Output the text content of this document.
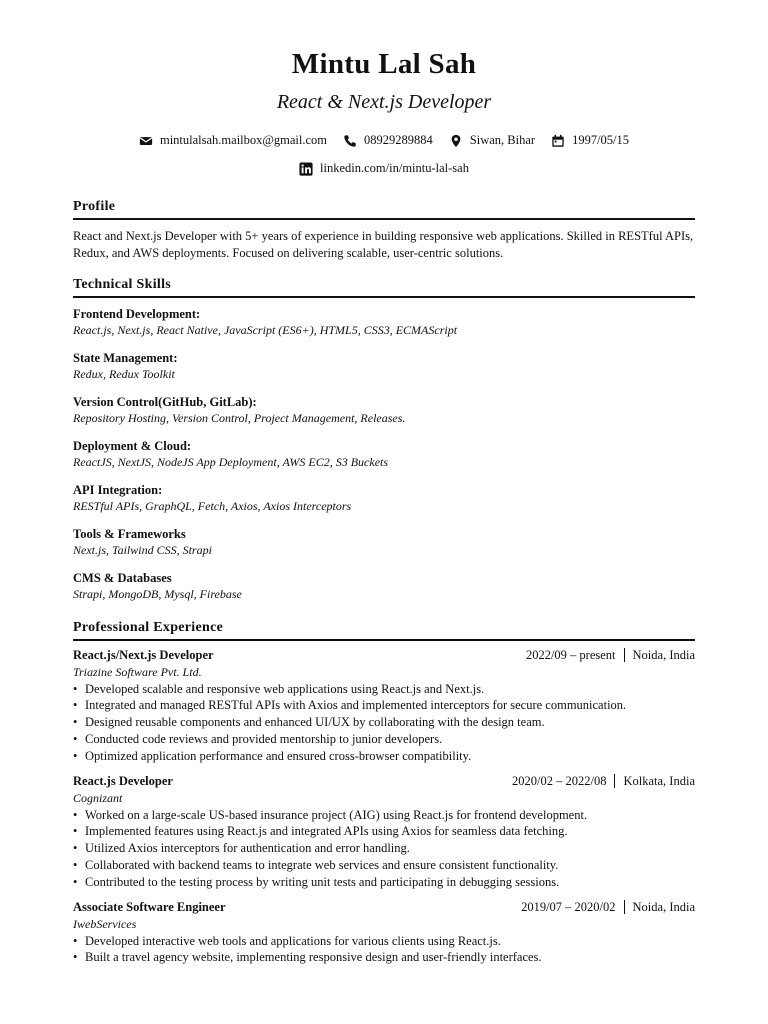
Mintu Lal Sah
React & Next.js Developer
mintulalsah.mailbox@gmail.com	08929289884	Siwan, Bihar	1997/05/15
linkedin.com/in/mintu-lal-sah
Profile
React and Next.js Developer with 5+ years of experience in building responsive web applications. Skilled in RESTful APIs, Redux, and AWS deployments. Focused on delivering scalable, user-centric solutions.
Technical Skills
Frontend Development:
React.js, Next.js, React Native, JavaScript (ES6+), HTML5, CSS3, ECMAScript
State Management:
Redux, Redux Toolkit
Version Control(GitHub, GitLab):
Repository Hosting, Version Control, Project Management, Releases.
Deployment & Cloud:
ReactJS, NextJS, NodeJS App Deployment, AWS EC2, S3 Buckets
API Integration:
RESTful APIs, GraphQL, Fetch, Axios, Axios Interceptors
Tools & Frameworks
Next.js, Tailwind CSS, Strapi
CMS & Databases
Strapi, MongoDB, Mysql, Firebase
Professional Experience
React.js/Next.js Developer	2022/09 – present Noida, India
Triazine Software Pvt. Ltd.
• Developed scalable and responsive web applications using React.js and Next.js.
• Integrated and managed RESTful APIs with Axios and implemented interceptors for secure communication.
• Designed reusable components and enhanced UI/UX by collaborating with the design team.
• Conducted code reviews and provided mentorship to junior developers.
• Optimized application performance and ensured cross-browser compatibility.
React.js Developer	2020/02 – 2022/08 Kolkata, India
Cognizant
• Worked on a large-scale US-based insurance project (AIG) using React.js for frontend development.
• Implemented features using React.js and integrated APIs using Axios for seamless data fetching.
• Utilized Axios interceptors for authentication and error handling.
• Collaborated with backend teams to integrate web services and ensure consistent functionality.
• Contributed to the testing process by writing unit tests and participating in debugging sessions.
Associate Software Engineer	2019/07 – 2020/02 Noida, India
IwebServices
• Developed interactive web tools and applications for various clients using React.js.
• Built a travel agency website, implementing responsive design and user-friendly interfaces.
